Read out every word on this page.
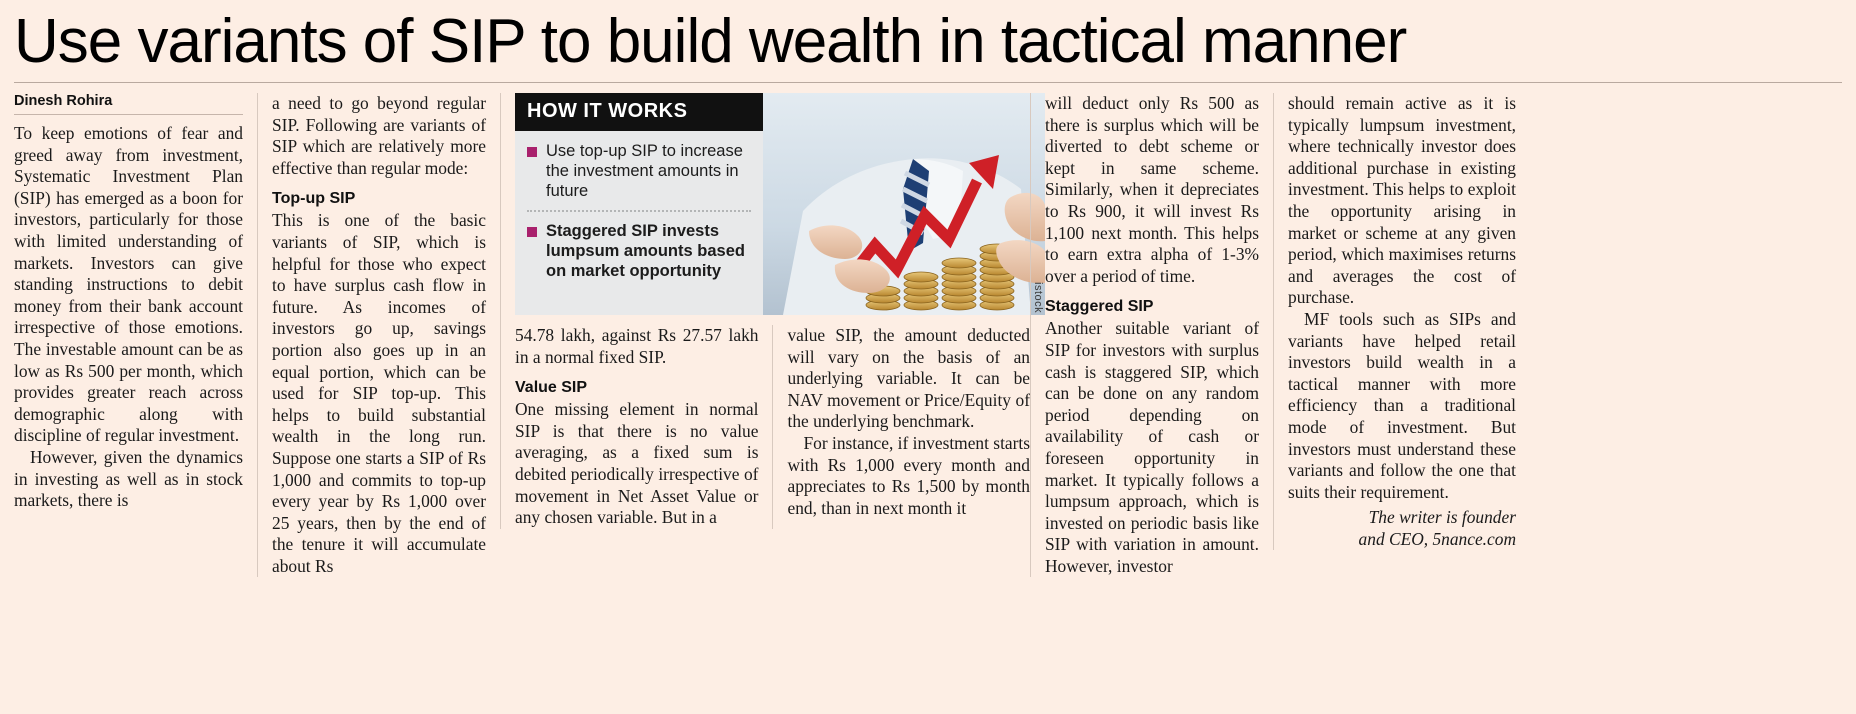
Use variants of SIP to build wealth in tactical manner
Dinesh Rohira

To keep emotions of fear and greed away from investment, Systematic Investment Plan (SIP) has emerged as a boon for investors, particularly for those with limited understanding of markets. Investors can give standing instructions to debit money from their bank account irrespective of those emotions. The investable amount can be as low as Rs 500 per month, which provides greater reach across demographic along with discipline of regular investment.

However, given the dynamics in investing as well as in stock markets, there is

a need to go beyond regular SIP. Following are variants of SIP which are relatively more effective than regular mode:

Top-up SIP

This is one of the basic variants of SIP, which is helpful for those who expect to have surplus cash flow in future. As incomes of investors go up, savings portion also goes up in an equal portion, which can be used for SIP top-up. This helps to build substantial wealth in the long run. Suppose one starts a SIP of Rs 1,000 and commits to top-up every year by Rs 1,000 over 25 years, then by the end of the tenure it will accumulate about Rs

HOW IT WORKS
Use top-up SIP to increase the investment amounts in future
Staggered SIP invests lumpsum amounts based on market opportunity
istock

54.78 lakh, against Rs 27.57 lakh in a normal fixed SIP.

Value SIP

One missing element in normal SIP is that there is no value averaging, as a fixed sum is debited periodically irrespective of movement in Net Asset Value or any chosen variable. But in a

value SIP, the amount deducted will vary on the basis of an underlying variable. It can be NAV movement or Price/Equity of the underlying benchmark.

For instance, if investment starts with Rs 1,000 every month and appreciates to Rs 1,500 by month end, than in next month it

will deduct only Rs 500 as there is surplus which will be diverted to debt scheme or kept in same scheme. Similarly, when it depreciates to Rs 900, it will invest Rs 1,100 next month. This helps to earn extra alpha of 1-3% over a period of time.

Staggered SIP

Another suitable variant of SIP for investors with surplus cash is staggered SIP, which can be done on any random period depending on availability of cash or foreseen opportunity in market. It typically follows a lumpsum approach, which is invested on periodic basis like SIP with variation in amount. However, investor

should remain active as it is typically lumpsum investment, where technically investor does additional purchase in existing investment. This helps to exploit the opportunity arising in market or scheme at any given period, which maximises returns and averages the cost of purchase.

MF tools such as SIPs and variants have helped retail investors build wealth in a tactical manner with more efficiency than a traditional mode of investment. But investors must understand these variants and follow the one that suits their requirement.

The writer is founder
and CEO, 5nance.com
